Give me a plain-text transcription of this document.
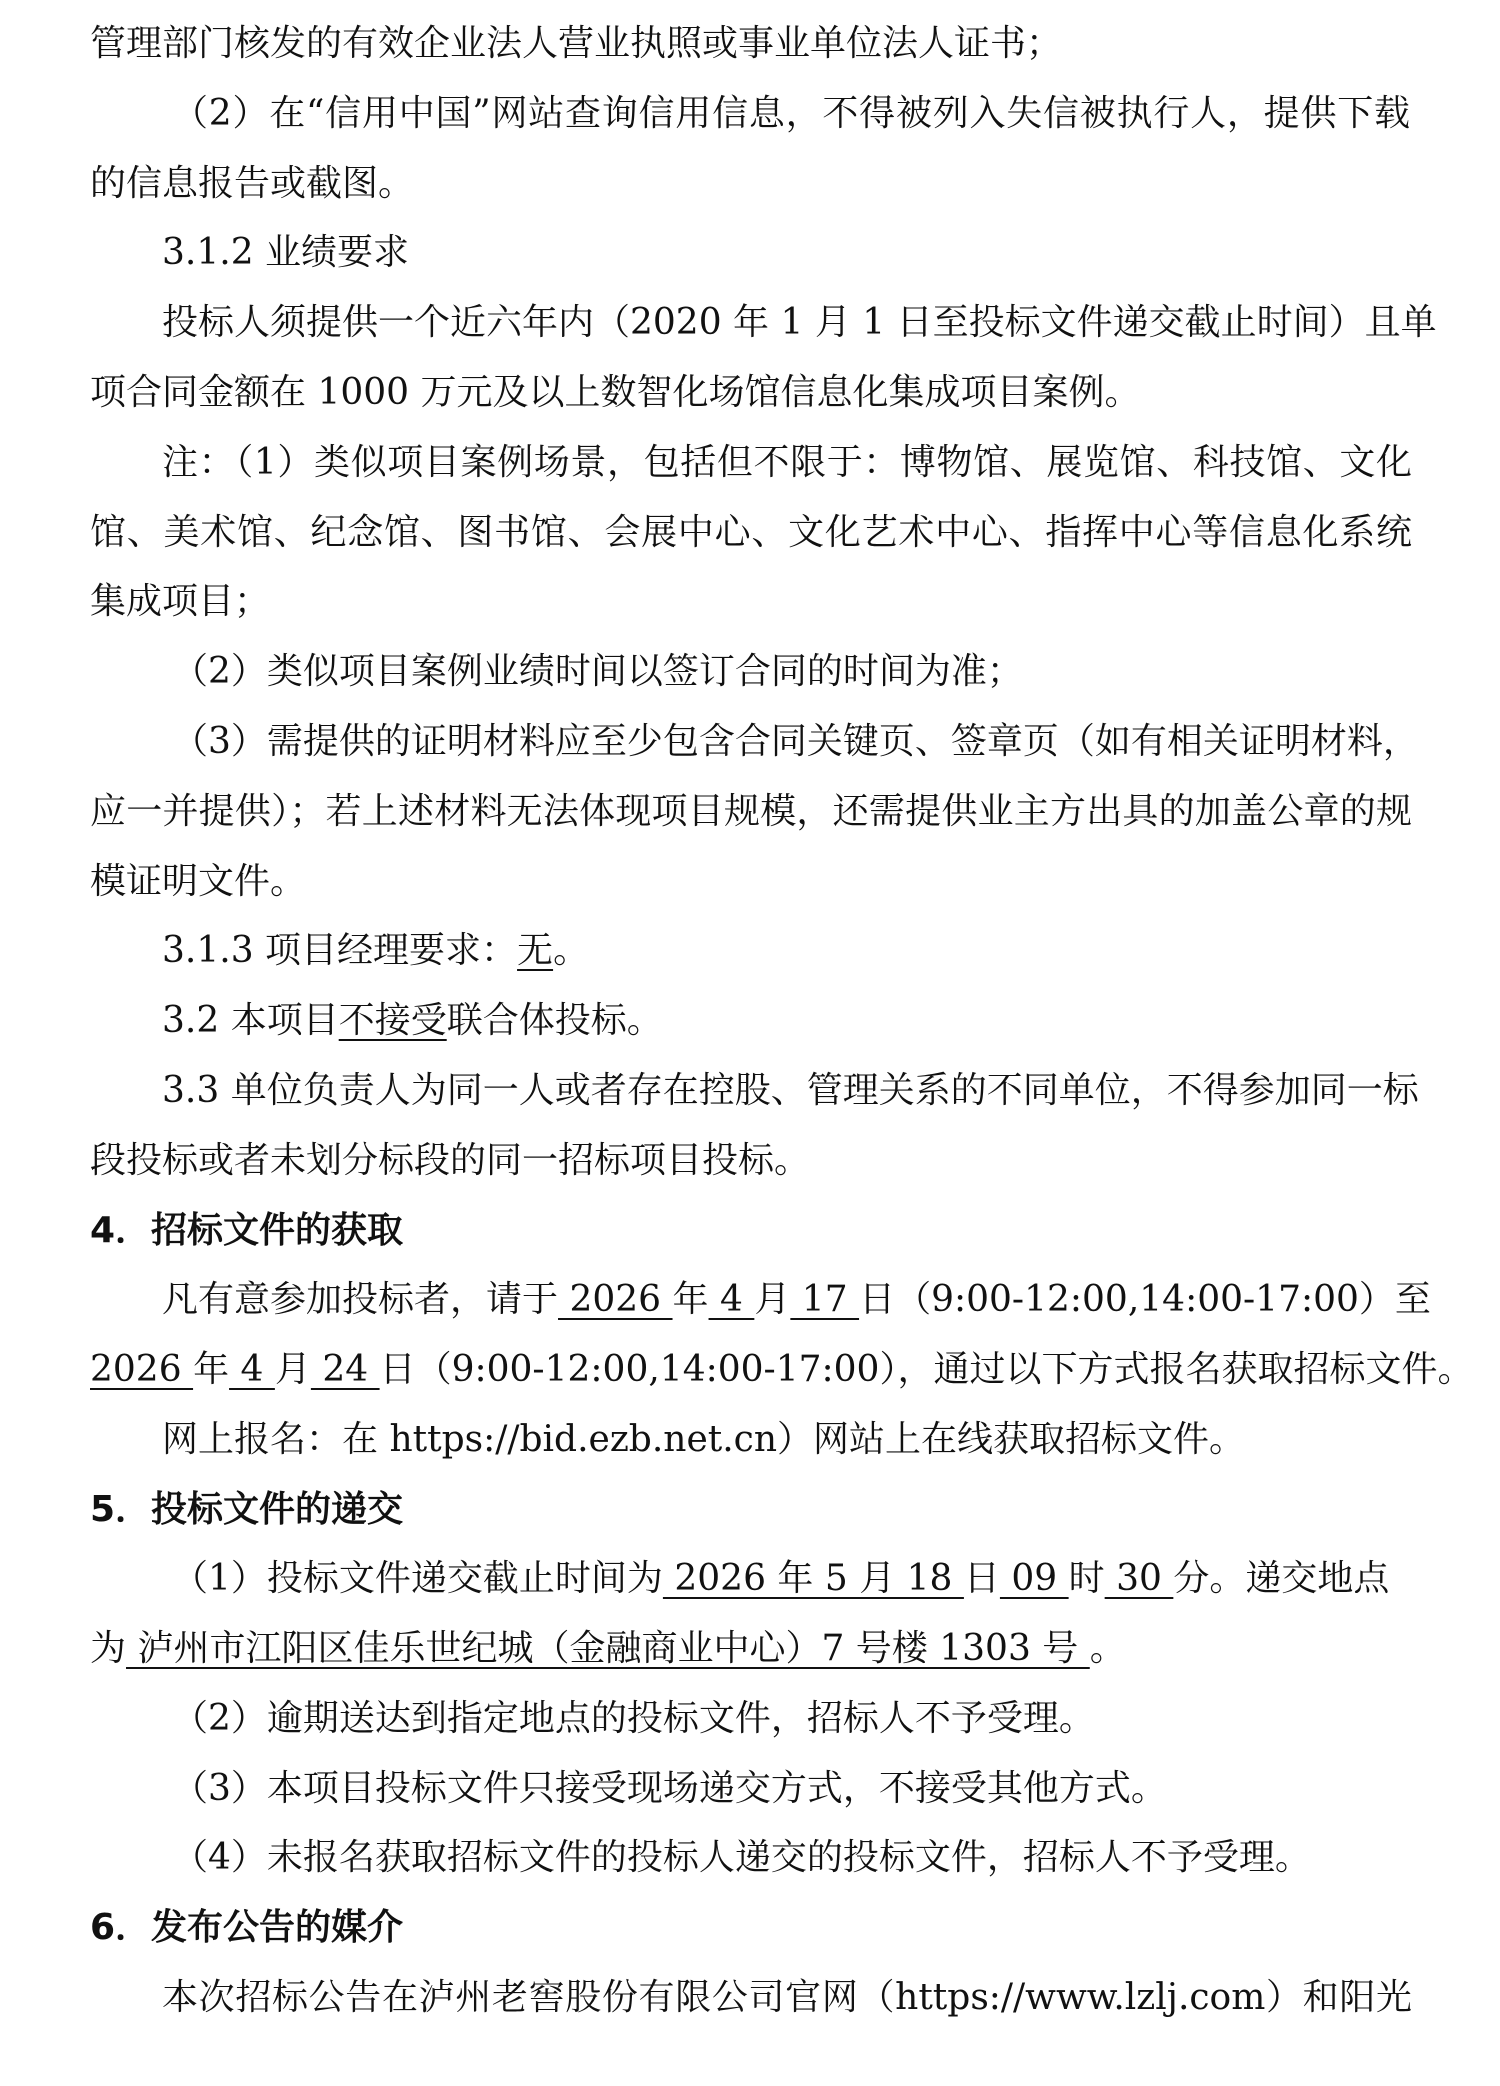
管理部门核发的有效企业法人营业执照或事业单位法人证书；
（2）在“信用中国”网站查询信用信息，不得被列入失信被执行人，提供下载
的信息报告或截图。
3.1.2 业绩要求
投标人须提供一个近六年内（2020 年 1 月 1 日至投标文件递交截止时间）且单
项合同金额在 1000 万元及以上数智化场馆信息化集成项目案例。
注：（1）类似项目案例场景，包括但不限于：博物馆、展览馆、科技馆、文化
馆、美术馆、纪念馆、图书馆、会展中心、文化艺术中心、指挥中心等信息化系统
集成项目；
（2）类似项目案例业绩时间以签订合同的时间为准；
（3）需提供的证明材料应至少包含合同关键页、签章页（如有相关证明材料，
应一并提供）；若上述材料无法体现项目规模，还需提供业主方出具的加盖公章的规
模证明文件。
3.1.3 项目经理要求：无。
3.2 本项目不接受联合体投标。
3.3 单位负责人为同一人或者存在控股、管理关系的不同单位，不得参加同一标
段投标或者未划分标段的同一招标项目投标。
4．招标文件的获取
凡有意参加投标者，请于 2026 年 4 月 17 日（9:00-12:00,14:00-17:00）至
2026 年 4 月 24 日（9:00-12:00,14:00-17:00），通过以下方式报名获取招标文件。
网上报名：在 https://bid.ezb.net.cn）网站上在线获取招标文件。
5．投标文件的递交
（1）投标文件递交截止时间为 2026 年 5 月 18 日 09 时 30 分。递交地点
为 泸州市江阳区佳乐世纪城（金融商业中心）7 号楼 1303 号 。
（2）逾期送达到指定地点的投标文件，招标人不予受理。
（3）本项目投标文件只接受现场递交方式，不接受其他方式。
（4）未报名获取招标文件的投标人递交的投标文件，招标人不予受理。
6．发布公告的媒介
本次招标公告在泸州老窖股份有限公司官网（https://www.lzlj.com）和阳光
